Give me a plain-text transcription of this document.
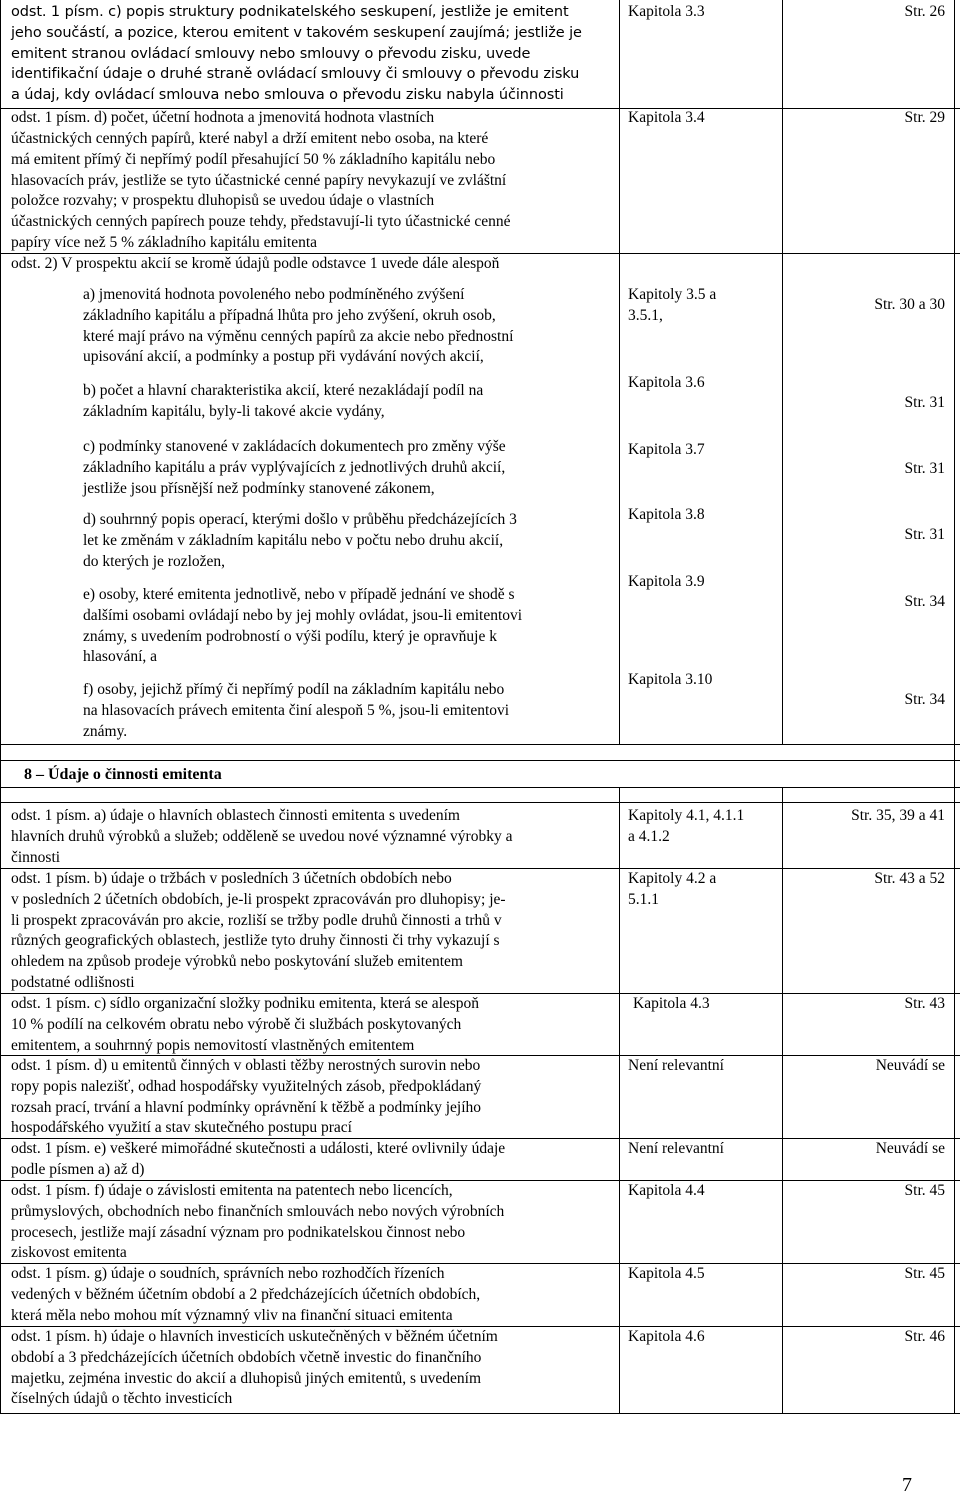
8 – Údaje o činnosti emitenta
7
odst. 1 písm. c) popis struktury podnikatelského seskupení, jestliže je emitent
jeho součástí, a pozice, kterou emitent v takovém seskupení zaujímá; jestliže je
emitent stranou ovládací smlouvy nebo smlouvy o převodu zisku, uvede
identifikační údaje o druhé straně ovládací smlouvy či smlouvy o převodu zisku
a údaj, kdy ovládací smlouva nebo smlouva o převodu zisku nabyla účinnosti
Kapitola 3.3	Str. 26
odst. 1 písm. d) počet, účetní hodnota a jmenovitá hodnota vlastních
účastnických cenných papírů, které nabyl a drží emitent nebo osoba, na které
má emitent přímý či nepřímý podíl přesahující 50 % základního kapitálu nebo
hlasovacích práv, jestliže se tyto účastnické cenné papíry nevykazují ve zvláštní
položce rozvahy; v prospektu dluhopisů se uvedou údaje o vlastních
účastnických cenných papírech pouze tehdy, představují-li tyto účastnické cenné
papíry více než 5 % základního kapitálu emitenta
Kapitola 3.4	Str. 29
odst. 2) V prospektu akcií se kromě údajů podle odstavce 1 uvede dále alespoň
a) jmenovitá hodnota povoleného nebo podmíněného zvýšení
základního kapitálu a případná lhůta pro jeho zvýšení, okruh osob,
které mají právo na výměnu cenných papírů za akcie nebo přednostní
upisování akcií, a podmínky a postup při vydávání nových akcií,
Kapitoly 3.5 a
3.5.1,
Str. 30 a 30
b) počet a hlavní charakteristika akcií, které nezakládají podíl na
základním kapitálu, byly-li takové akcie vydány,
Kapitola 3.6
Str. 31
c) podmínky stanovené v zakládacích dokumentech pro změny výše
základního kapitálu a práv vyplývajících z jednotlivých druhů akcií,
jestliže jsou přísnější než podmínky stanovené zákonem,
Kapitola 3.7
Str. 31
d) souhrnný popis operací, kterými došlo v průběhu předcházejících 3
let ke změnám v základním kapitálu nebo v počtu nebo druhu akcií,
do kterých je rozložen,
Kapitola 3.8
Str. 31
e) osoby, které emitenta jednotlivě, nebo v případě jednání ve shodě s
dalšími osobami ovládají nebo by jej mohly ovládat, jsou-li emitentovi
známy, s uvedením podrobností o výši podílu, který je opravňuje k
hlasování, a
Kapitola 3.9
Str. 34
f) osoby, jejichž přímý či nepřímý podíl na základním kapitálu nebo
na hlasovacích právech emitenta činí alespoň 5 %, jsou-li emitentovi
známy.
Kapitola 3.10
Str. 34
odst. 1 písm. a) údaje o hlavních oblastech činnosti emitenta s uvedením
hlavních druhů výrobků a služeb; odděleně se uvedou nové významné výrobky a
činnosti
Kapitoly 4.1, 4.1.1
a 4.1.2
Str. 35, 39 a 41
odst. 1 písm. b) údaje o tržbách v posledních 3 účetních obdobích nebo
v posledních 2 účetních obdobích, je-li prospekt zpracováván pro dluhopisy; je-
li prospekt zpracováván pro akcie, rozliší se tržby podle druhů činnosti a trhů v
různých geografických oblastech, jestliže tyto druhy činnosti či trhy vykazují s
ohledem na způsob prodeje výrobků nebo poskytování služeb emitentem
podstatné odlišnosti
Kapitoly 4.2 a
5.1.1
Str. 43 a 52
odst. 1 písm. c) sídlo organizační složky podniku emitenta, která se alespoň
10 % podílí na celkovém obratu nebo výrobě či službách poskytovaných
emitentem, a souhrnný popis nemovitostí vlastněných emitentem
Kapitola 4.3	Str. 43
odst. 1 písm. d) u emitentů činných v oblasti těžby nerostných surovin nebo
ropy popis nalezišť, odhad hospodářsky využitelných zásob, předpokládaný
rozsah prací, trvání a hlavní podmínky oprávnění k těžbě a podmínky jejího
hospodářského využití a stav skutečného postupu prací
Není relevantní	Neuvádí se
odst. 1 písm. e) veškeré mimořádné skutečnosti a události, které ovlivnily údaje
podle písmen a) až d)
Není relevantní	Neuvádí se
odst. 1 písm. f) údaje o závislosti emitenta na patentech nebo licencích,
průmyslových, obchodních nebo finančních smlouvách nebo nových výrobních
procesech, jestliže mají zásadní význam pro podnikatelskou činnost nebo
ziskovost emitenta
Kapitola 4.4	Str. 45
odst. 1 písm. g) údaje o soudních, správních nebo rozhodčích řízeních
vedených v běžném účetním období a 2 předcházejících účetních obdobích,
která měla nebo mohou mít významný vliv na finanční situaci emitenta
Kapitola 4.5	Str. 45
odst. 1 písm. h) údaje o hlavních investicích uskutečněných v běžném účetním
období a 3 předcházejících účetních obdobích včetně investic do finančního
majetku, zejména investic do akcií a dluhopisů jiných emitentů, s uvedením
číselných údajů o těchto investicích
Kapitola 4.6	Str. 46
